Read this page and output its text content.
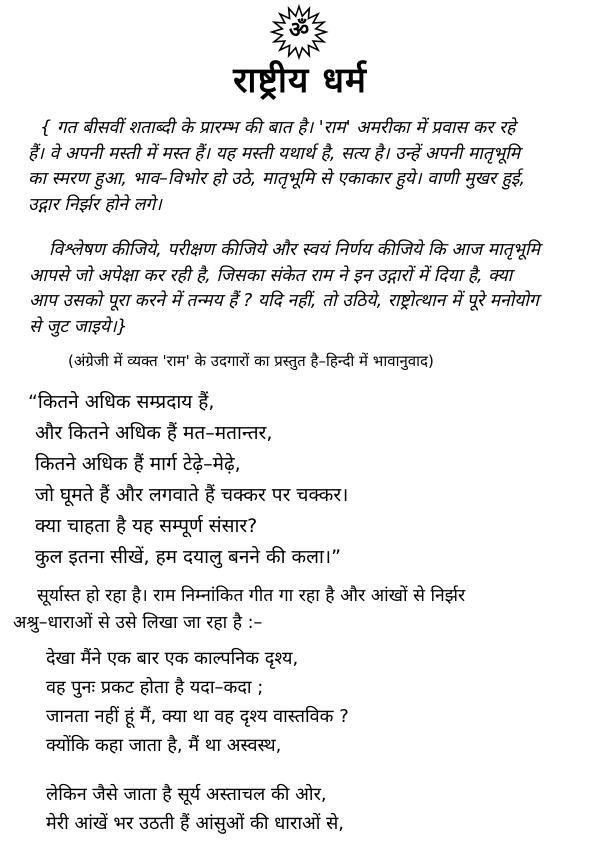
ॐ
राष्ट्रीय धर्म
{ गत बीसवीं शताब्दी के प्रारम्भ की बात है। 'राम' अमरीका में प्रवास कर रहे
हैं। वे अपनी मस्ती में मस्त हैं। यह मस्ती यथार्थ है, सत्य है। उन्हें अपनी मातृभूमि
का स्मरण हुआ, भाव–विभोर हो उठे, मातृभूमि से एकाकार हुये। वाणी मुखर हुई,
उद्गार निर्झर होने लगे।
विश्लेषण कीजिये, परीक्षण कीजिये और स्वयं निर्णय कीजिये कि आज मातृभूमि
आपसे जो अपेक्षा कर रही है, जिसका संकेत राम ने इन उद्गारों में दिया है, क्या
आप उसको पूरा करने में तन्मय हैं ? यदि नहीं, तो उठिये, राष्ट्रोत्थान में पूरे मनोयोग
से जुट जाइये।}

(अंग्रेजी में व्यक्त 'राम' के उदगारों का प्रस्तुत है–हिन्दी में भावानुवाद)

“कितने अधिक सम्प्रदाय हैं,
और कितने अधिक हैं मत–मतान्तर,
कितने अधिक हैं मार्ग टेढ़े–मेढ़े,
जो घूमते हैं और लगवाते हैं चक्कर पर चक्कर।
क्या चाहता है यह सम्पूर्ण संसार?
कुल इतना सीखें, हम दयालु बनने की कला।”
सूर्यास्त हो रहा है। राम निम्नांकित गीत गा रहा है और आंखों से निर्झर
अश्रु–धाराओं से उसे लिखा जा रहा है :–
देखा मैंने एक बार एक काल्पनिक दृश्य,
वह पुनः प्रकट होता है यदा–कदा ;
जानता नहीं हूं मैं, क्या था वह दृश्य वास्तविक ?
क्योंकि कहा जाता है, मैं था अस्वस्थ,
लेकिन जैसे जाता है सूर्य अस्ताचल की ओर,
मेरी आंखें भर उठती हैं आंसुओं की धाराओं से,
